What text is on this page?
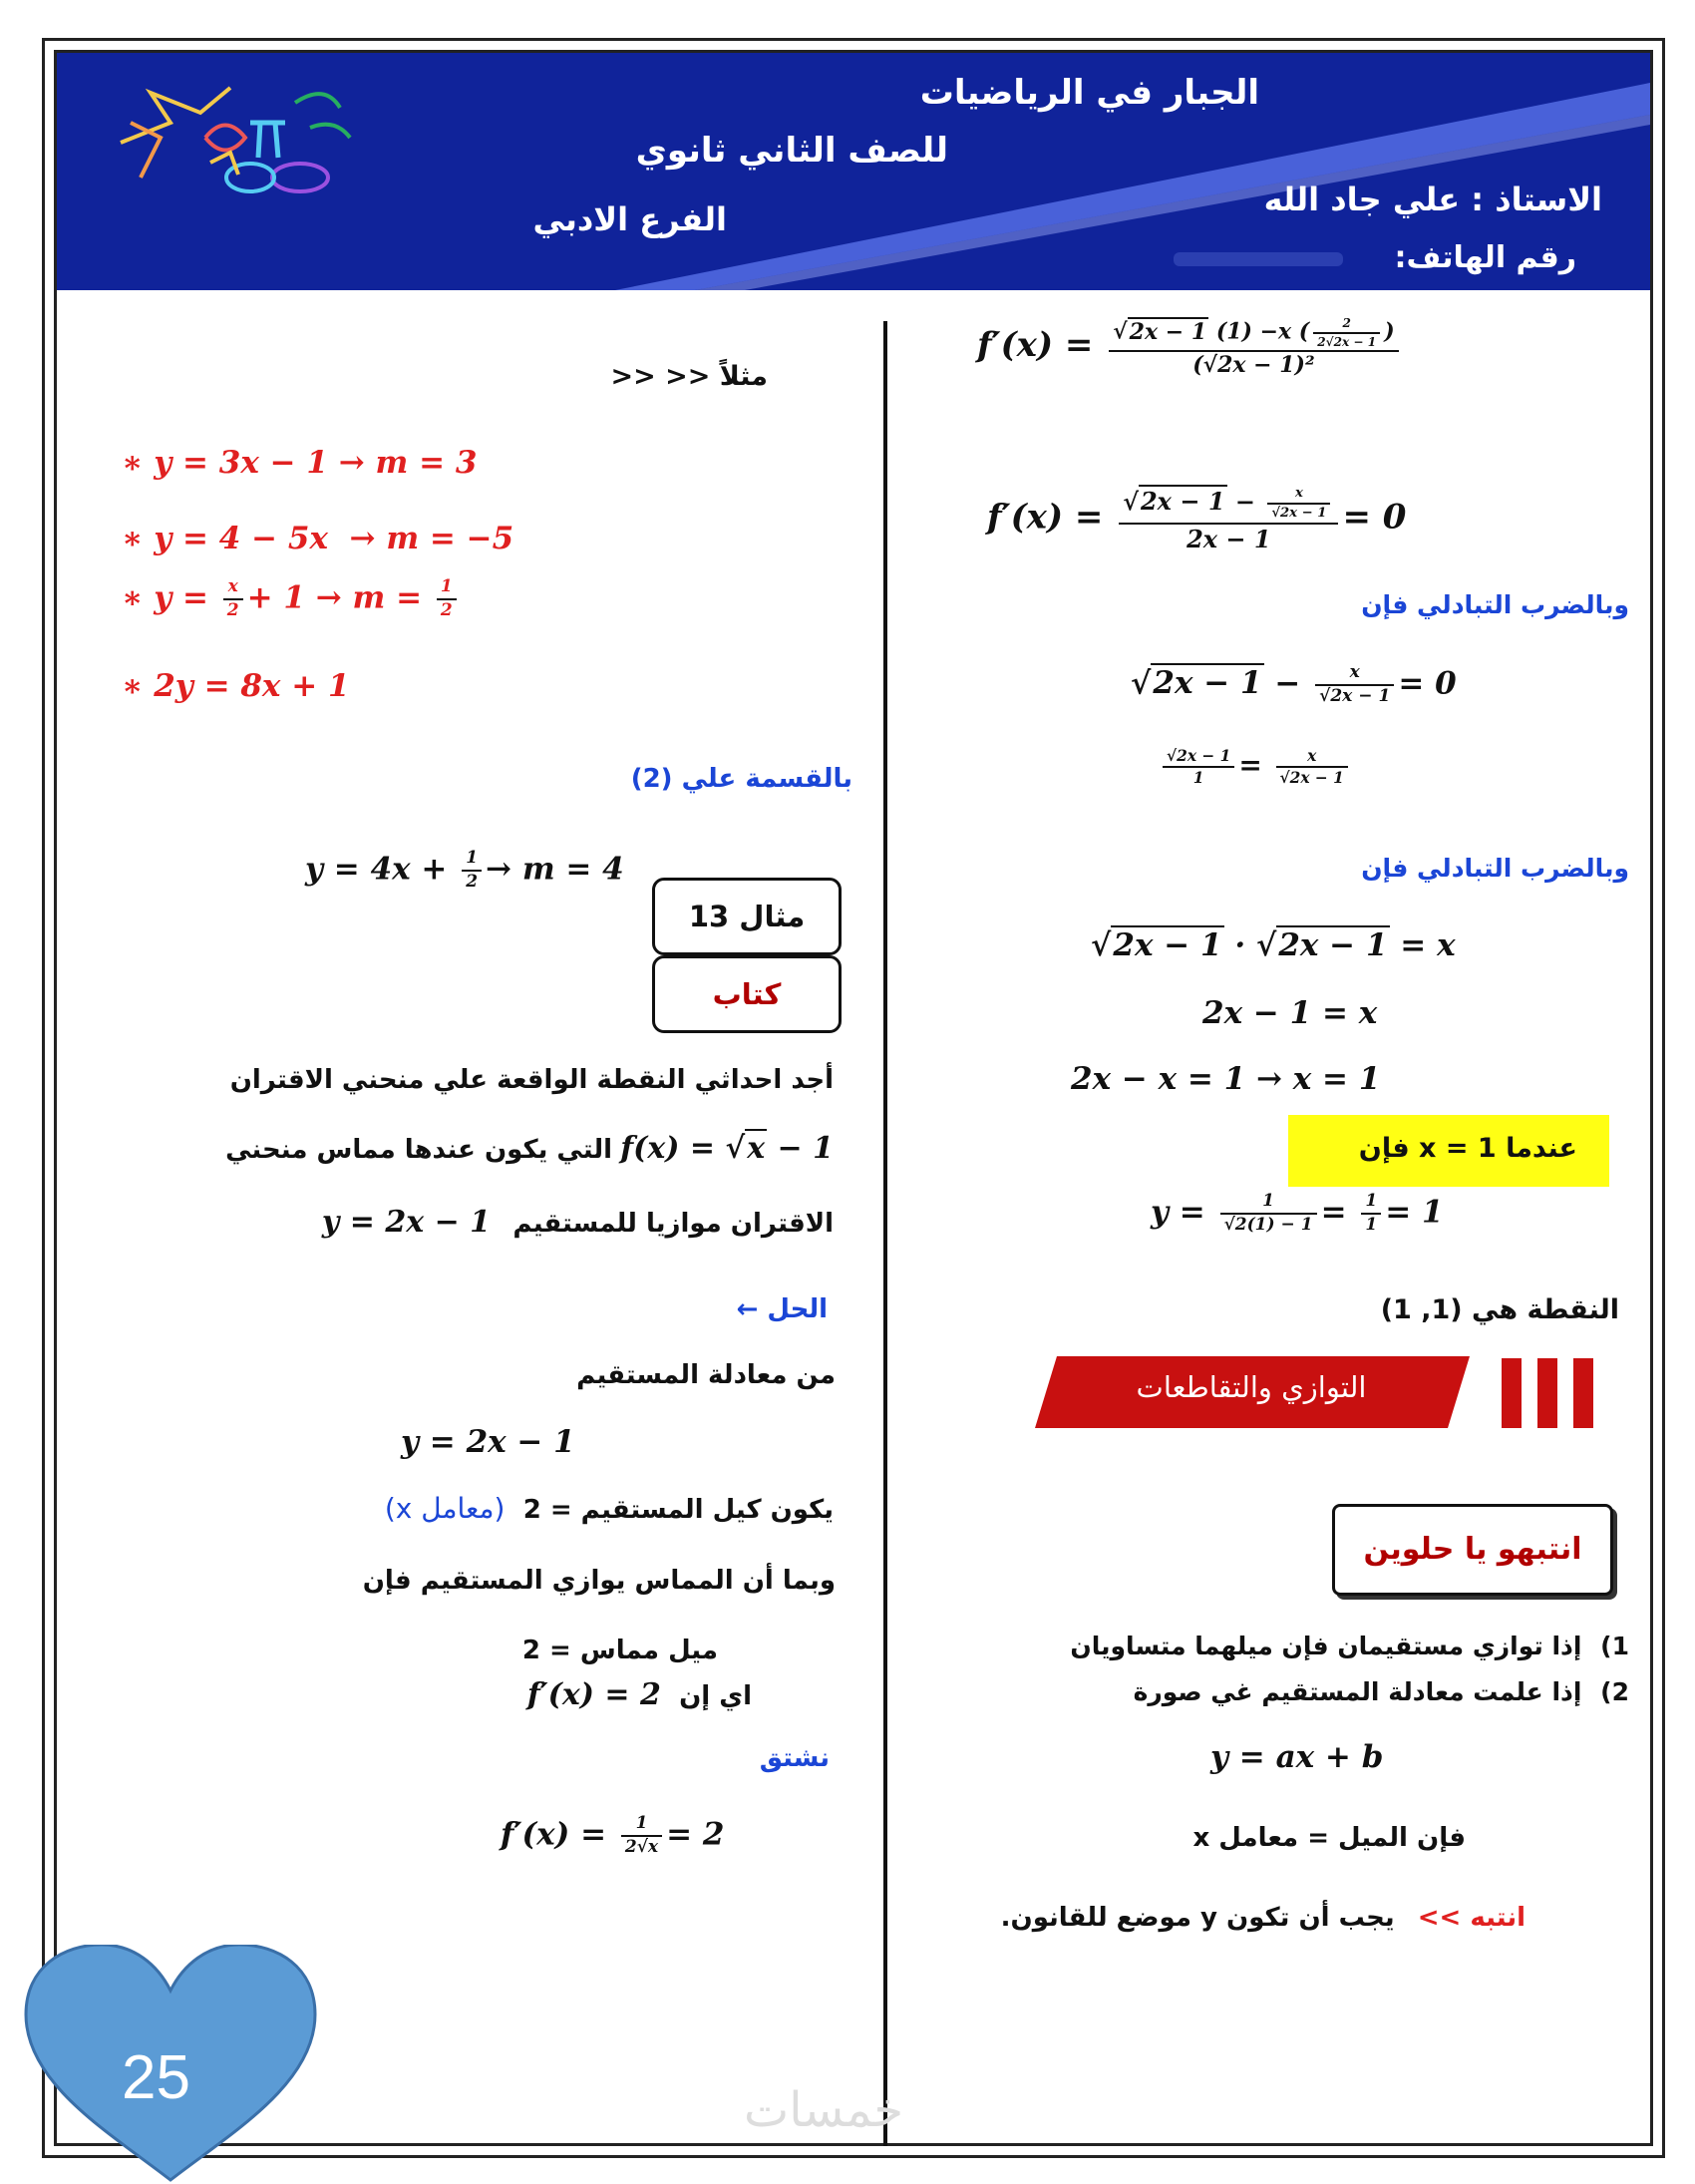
الجبار في الرياضيات
للصف الثاني ثانوي
الفرع الادبي
الاستاذ : علي جاد الله
رقم الهاتف:
مثلاً << <<
∗ y = 3x − 1 → m = 3
∗ y = 4 − 5x  → m = −5
∗ $y = \frac{x}{2} + 1 \to m = \frac{1}{2}$
∗ 2y = 8x + 1
بالقسمة علي (2)
$y = 4x + \frac{1}{2} \to m = 4$
مثال 13
كتاب
أجد احداثي النقطة الواقعة علي منحني الاقتران
f(x) = √x − 1 التي يكون عندها مماس منحني
الاقتران موازيا للمستقيم y = 2x − 1
الحل ←
من معادلة المستقيم
y = 2x − 1
يكون كيل المستقيم = 2 (معامل x)
وبما أن المماس يوازي المستقيم فإن
ميل مماس = 2
اي إن f′(x) = 2
نشتق
$f'(x) = \frac{1}{2√x} = 2$
$f'(x) = \frac{√2x - 1 (1) -x ( \frac{2}{2√2x - 1} )}{\text{(√2x − 1)²}}$
$f'(x) = \frac{√2x - 1 - \frac{x}{√2x - 1}}{2x - 1} = 0$
وبالضرب التبادلي فإن
$√2x - 1 - \frac{x}{√2x - 1} = 0$
$\frac{√2x - 1}{1} = \frac{x}{√2x - 1}$
وبالضرب التبادلي فإن
√2x − 1 · √2x − 1 = x
2x − 1 = x
2x − x = 1 → x = 1
عندما x = 1 فإن
$y = \frac{1}{√2(1) - 1} = \frac{1}{1} = 1$
النقطة هي (1, 1)
التوازي والتقاطعات
انتبهو يا حلوين
1) إذا توازي مستقيمان فإن ميلهما متساويان
2) إذا علمت معادلة المستقيم غي صورة
y = ax + b
فإن الميل = معامل x
انتبه >> يجب أن تكون y موضع للقانون.
25	خمسات
